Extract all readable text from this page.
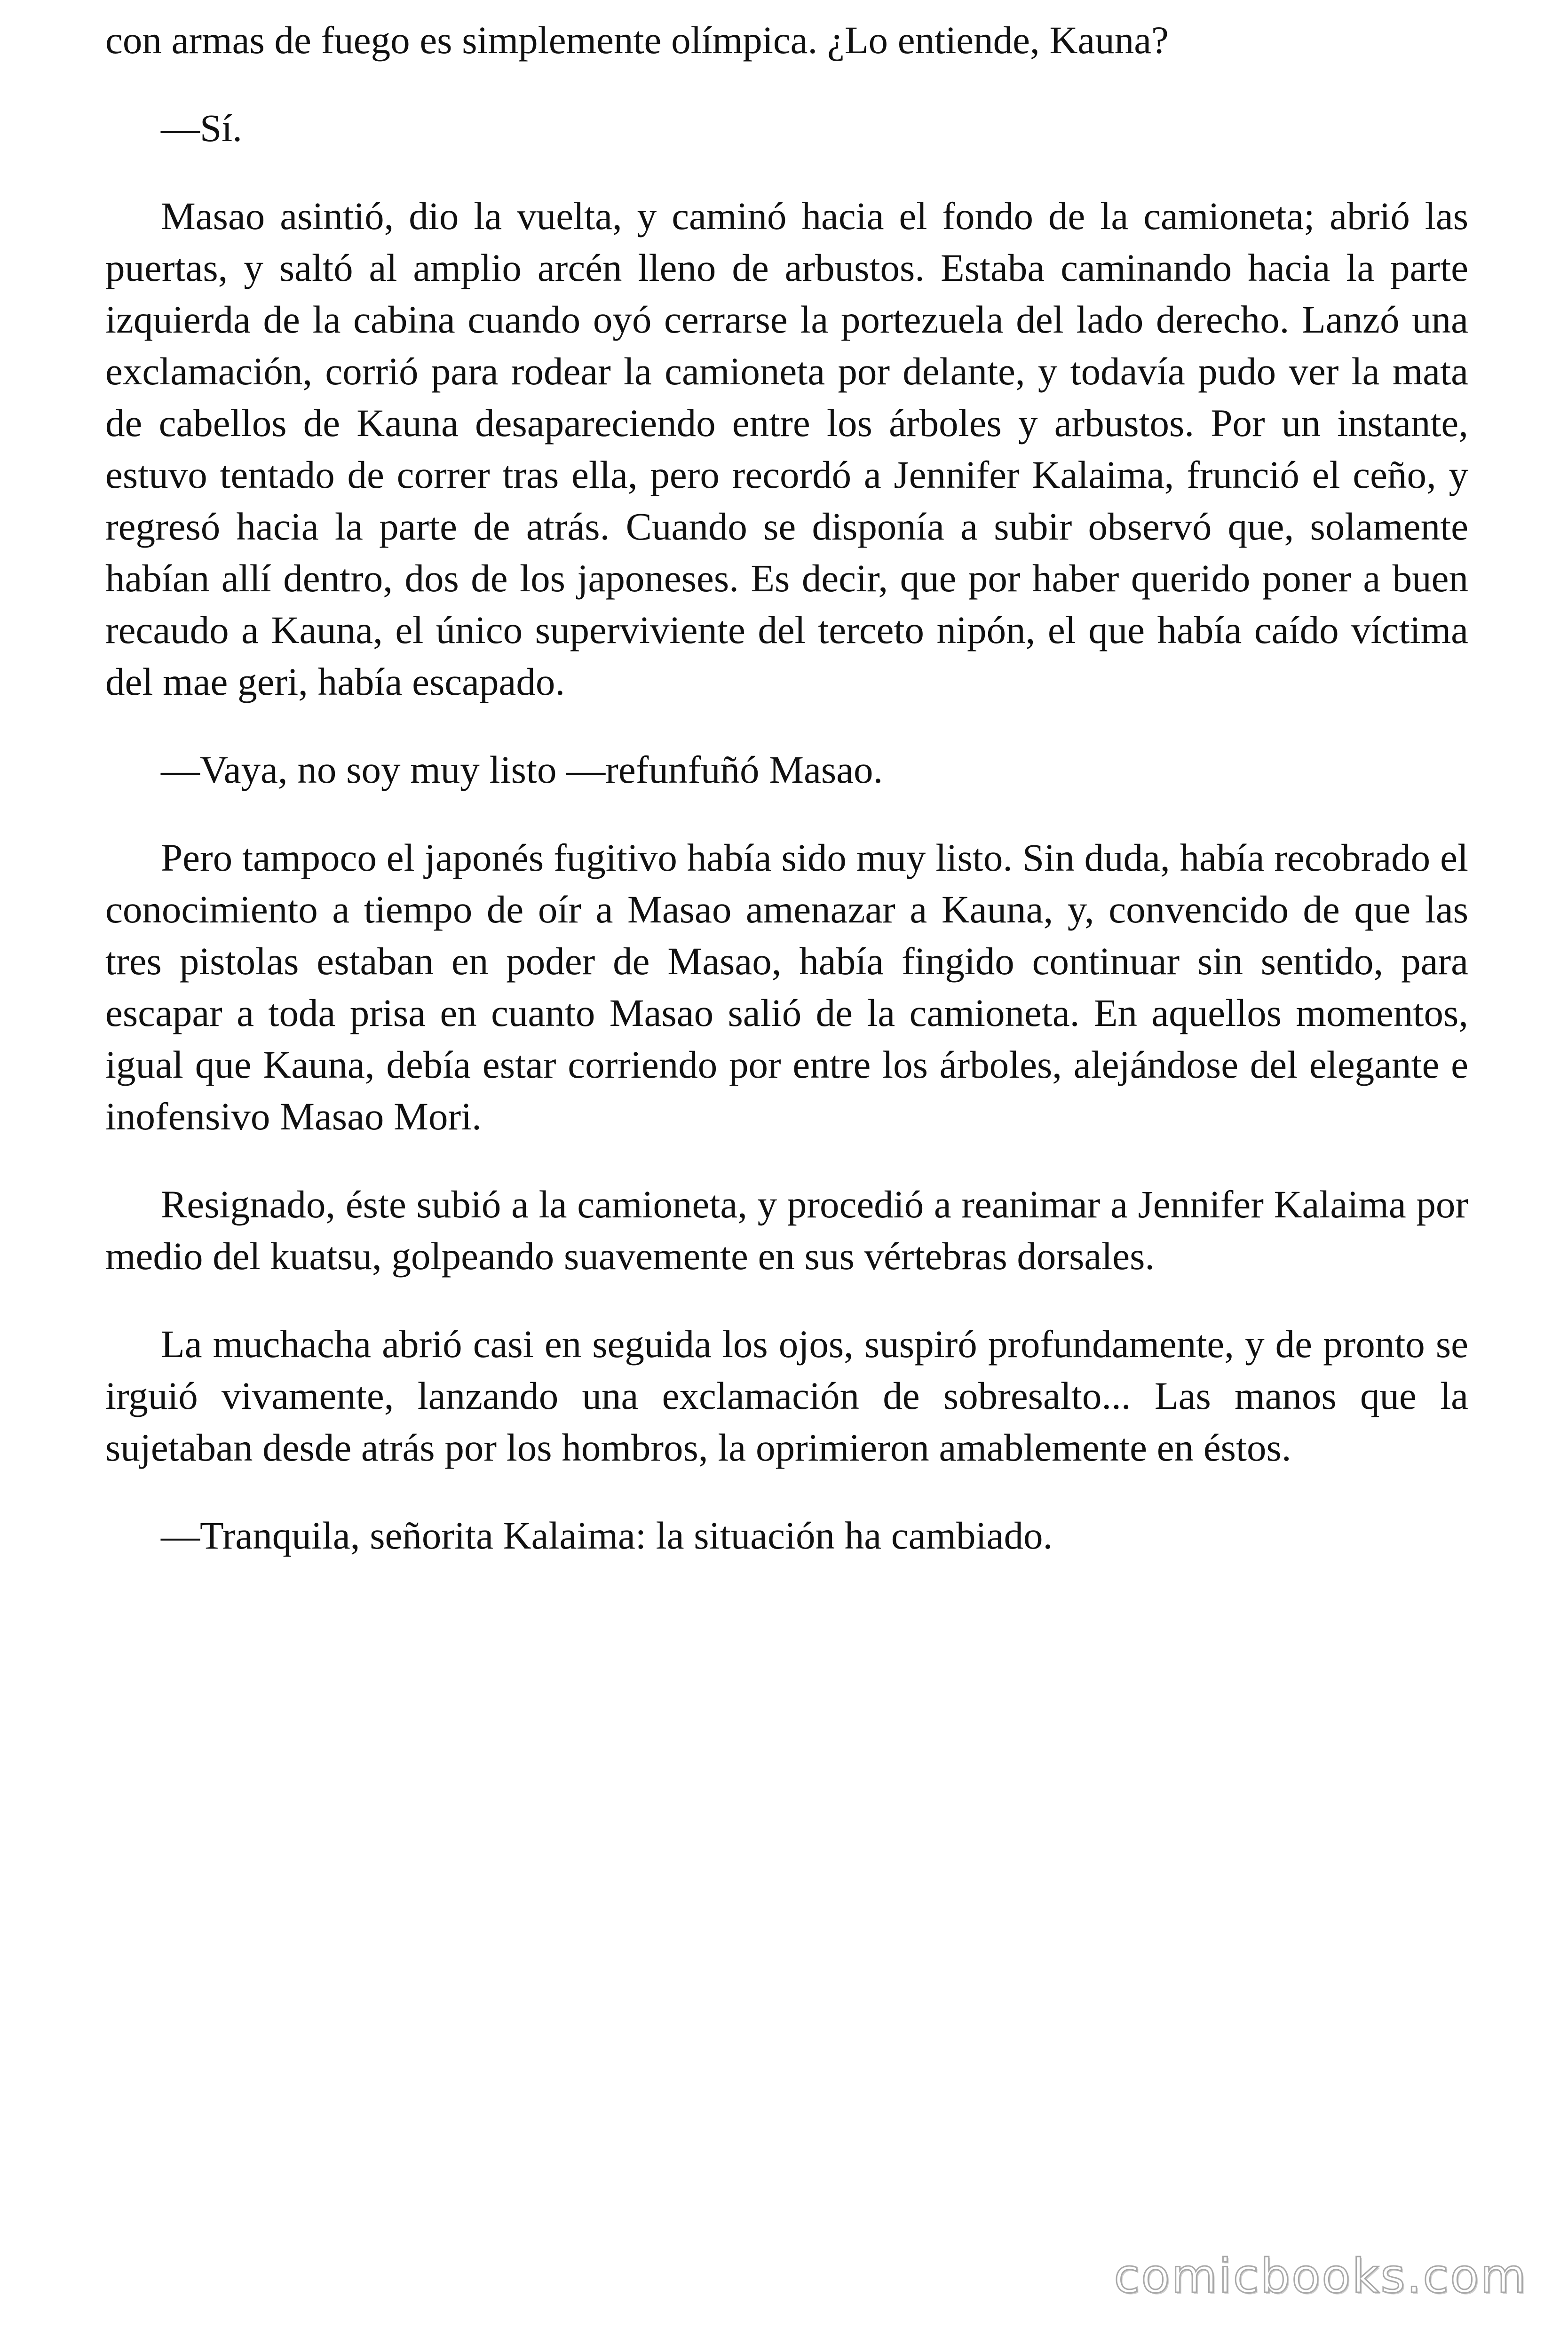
con armas de fuego es simplemente olímpica. ¿Lo entiende, Kauna?

—Sí.

Masao asintió, dio la vuelta, y caminó hacia el fondo de la camioneta; abrió las puertas, y saltó al amplio arcén lleno de arbustos. Estaba caminando hacia la parte izquierda de la cabina cuando oyó cerrarse la portezuela del lado derecho. Lanzó una exclamación, corrió para rodear la camioneta por delante, y todavía pudo ver la mata de cabellos de Kauna desapareciendo entre los árboles y arbustos. Por un instante, estuvo tentado de correr tras ella, pero recordó a Jennifer Kalaima, frunció el ceño, y regresó hacia la parte de atrás. Cuando se disponía a subir observó que, solamente habían allí dentro, dos de los japoneses. Es decir, que por haber querido poner a buen recaudo a Kauna, el único superviviente del terceto nipón, el que había caído víctima del mae geri, había escapado.

—Vaya, no soy muy listo —refunfuñó Masao.

Pero tampoco el japonés fugitivo había sido muy listo. Sin duda, había recobrado el conocimiento a tiempo de oír a Masao amenazar a Kauna, y, convencido de que las tres pistolas estaban en poder de Masao, había fingido continuar sin sentido, para escapar a toda prisa en cuanto Masao salió de la camioneta. En aquellos momentos, igual que Kauna, debía estar corriendo por entre los árboles, alejándose del elegante e inofensivo Masao Mori.

Resignado, éste subió a la camioneta, y procedió a reanimar a Jennifer Kalaima por medio del kuatsu, golpeando suavemente en sus vértebras dorsales.

La muchacha abrió casi en seguida los ojos, suspiró profundamente, y de pronto se irguió vivamente, lanzando una exclamación de sobresalto... Las manos que la sujetaban desde atrás por los hombros, la oprimieron amablemente en éstos.

—Tranquila, señorita Kalaima: la situación ha cambiado.

comicbooks.com
